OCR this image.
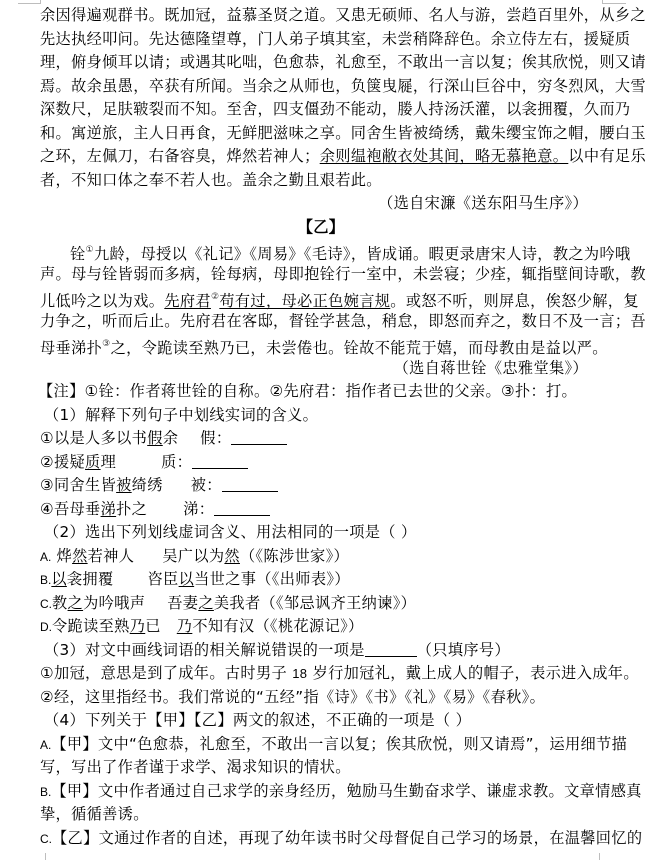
余因得遍观群书。既加冠，益慕圣贤之道。又患无硕师、名人与游，尝趋百里外，从乡之
先达执经叩问。先达德隆望尊，门人弟子填其室，未尝稍降辞色。余立侍左右，援疑质
理，俯身倾耳以请；或遇其叱咄，色愈恭，礼愈至，不敢出一言以复；俟其欣悦，则又请
焉。故余虽愚，卒获有所闻。当余之从师也，负箧曳屣，行深山巨谷中，穷冬烈风，大雪
深数尺，足肤皲裂而不知。至舍，四支僵劲不能动，媵人持汤沃灌，以衾拥覆，久而乃
和。寓逆旅，主人日再食，无鲜肥滋味之享。同舍生皆被绮绣，戴朱缨宝饰之帽，腰白玉
之环，左佩刀，右备容臭，烨然若神人；余则缊袍敝衣处其间，略无慕艳意。以中有足乐
者，不知口体之奉不若人也。盖余之勤且艰若此。
（选自宋濂《送东阳马生序》）
【乙】
铨①九龄，母授以《礼记》《周易》《毛诗》，皆成诵。暇更录唐宋人诗，教之为吟哦
声。母与铨皆弱而多病，铨每病，母即抱铨行一室中，未尝寝；少痊，辄指壁间诗歌，教
儿低吟之以为戏。先府君②苟有过，母必正色婉言规。或怒不听，则屏息，俟怒少解，复
力争之，听而后止。先府君在客邸，督铨学甚急，稍怠，即怒而弃之，数日不及一言；吾
母垂涕扑③之，令跪读至熟乃已，未尝倦也。铨故不能荒于嬉，而母教由是益以严。
（选自蒋世铨《忠雅堂集》）
【注】①铨：作者蒋世铨的自称。②先府君：指作者已去世的父亲。③扑：打。
（1）解释下列句子中划线实词的含义。
①以是人多以书假余 假：
②援疑质理	质：
③同舍生皆被绮绣 被：
④吾母垂涕扑之 涕：
（2）选出下列划线虚词含义、用法相同的一项是（ ）
A. 烨然若神人 吴广以为然（《陈涉世家》）
B.以衾拥覆 咨臣以当世之事（《出师表》）
C.教之为吟哦声 吾妻之美我者（《邹忌讽齐王纳谏》）
D.令跪读至熟乃已 乃不知有汉（《桃花源记》）
（3）对文中画线词语的相关解说错误的一项是	（只填序号）
①加冠，意思是到了成年。古时男子 18 岁行加冠礼，戴上成人的帽子，表示进入成年。
②经，这里指经书。我们常说的“五经”指《诗》《书》《礼》《易》《春秋》。
（4）下列关于【甲】【乙】两文的叙述，不正确的一项是（ ）
A.【甲】文中“色愈恭，礼愈至，不敢出一言以复；俟其欣悦，则又请焉”，运用细节描
写，写出了作者谨于求学、渴求知识的情状。
B.【甲】文中作者通过自己求学的亲身经历，勉励马生勤奋求学、谦虚求教。文章情感真
挚，循循善诱。
C.【乙】文通过作者的自述，再现了幼年读书时父母督促自己学习的场景，在温馨回忆的
